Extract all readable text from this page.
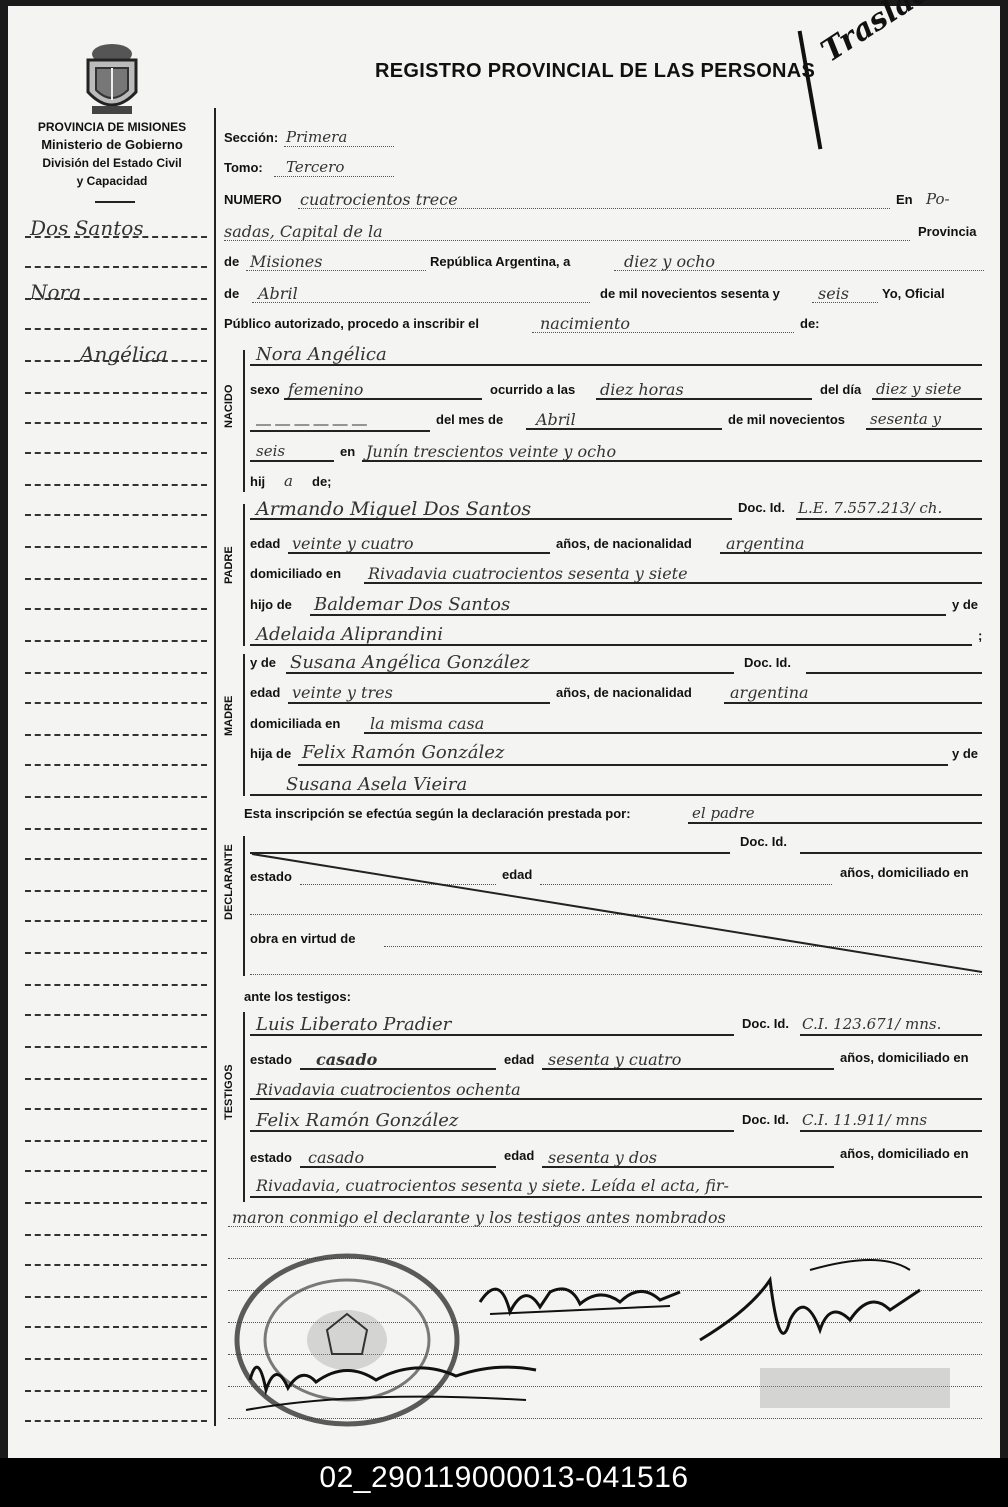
REGISTRO PROVINCIAL DE LAS PERSONAS
PROVINCIA DE MISIONES
Ministerio de Gobierno
División del Estado Civil
y Capacidad
Dos Santos
Nora
Angélica
Sección: Primera
Tomo: Tercero
NUMERO cuatrocientos trece	En Po-
sadas, Capital de la	Provincia
de Misiones	República Argentina, a	diez y ocho
de Abril	de mil novecientos sesenta y seis	Yo, Oficial
Público autorizado, procedo a inscribir el	nacimiento	de:
Nora Angélica
sexo femenino	ocurrido a las diez horas	del día diez y siete
— — — — — —	del mes de Abril	de mil novecientos sesenta y
seis	en Junín trescientos veinte y ocho
hij a de;
PADRE
Armando Miguel Dos Santos	Doc. Id. L.E. 7.557.213/ ch.
edad veinte y cuatro	años, de nacionalidad argentina
domiciliado en Rivadavia cuatrocientos sesenta y siete
hijo de Baldemar Dos Santos	y de
Adelaida Aliprandini	;
MADRE
y de Susana Angélica González	Doc. Id.
edad veinte y tres	años, de nacionalidad argentina
domiciliada en la misma casa
hija de Felix Ramón González	y de
Susana Asela Vieira
Esta inscripción se efectúa según la declaración prestada por:	el padre
Doc. Id.
estado	edad	años, domiciliado en
obra en virtud de
ante los testigos:
Luis Liberato Pradier	Doc. Id. C.I. 123.671/ mns.
estado casado	edad sesenta y cuatro	años, domiciliado en
Rivadavia cuatrocientos ochenta
Felix Ramón González	Doc. Id. C.I. 11.911/ mns
estado casado	edad sesenta y dos	años, domiciliado en
Rivadavia, cuatrocientos sesenta y siete. Leída el acta, fir-
maron conmigo el declarante y los testigos antes nombrados
02_290119000013-041516
